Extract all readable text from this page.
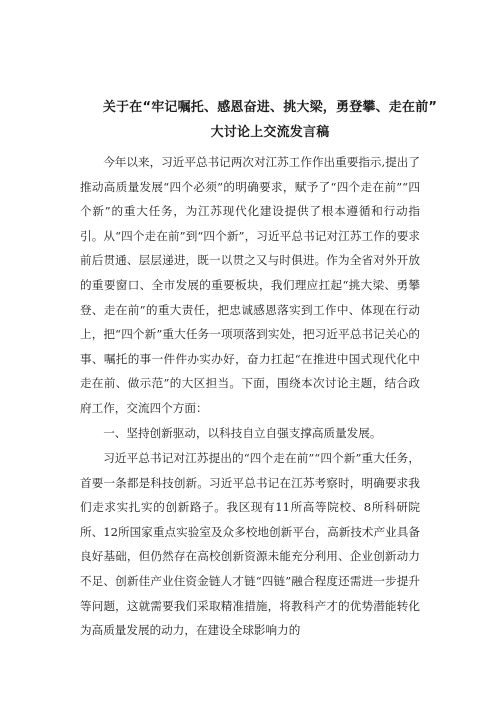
关于在“牢记嘱托、感恩奋进、挑大梁，勇登攀、走在前”
大讨论上交流发言稿

今年以来，习近平总书记两次对江苏工作作出重要指示,提出了推动高质量发展“四个必须”的明确要求，赋予了“四个走在前”“四个新”的重大任务，为江苏现代化建设提供了根本遵循和行动指引。从“四个走在前”到“四个新”，习近平总书记对江苏工作的要求前后贯通、层层递进，既一以贯之又与时俱进。作为全省对外开放的重要窗口、全市发展的重要板块，我们理应扛起“挑大梁、勇攀登、走在前”的重大责任，把忠诚感恩落实到工作中、体现在行动上，把“四个新”重大任务一项项落到实处，把习近平总书记关心的事、嘱托的事一件件办实办好，奋力扛起“在推进中国式现代化中走在前、做示范”的大区担当。下面，围绕本次讨论主题，结合政府工作，交流四个方面：

一、坚持创新驱动，以科技自立自强支撑高质量发展。

习近平总书记对江苏提出的“四个走在前”“四个新”重大任务，首要一条都是科技创新。习近平总书记在江苏考察时，明确要求我们走求实扎实的创新路子。我区现有11所高等院校、8所科研院所、12所国家重点实验室及众多校地创新平台，高新技术产业具备良好基础，但仍然存在高校创新资源未能充分利用、企业创新动力不足、创新佳产业住资金链人才链“四链”融合程度还需进一步提升等问题，这就需要我们采取精准措施，将教科产才的优势潜能转化为高质量发展的动力，在建设全球影响力的
